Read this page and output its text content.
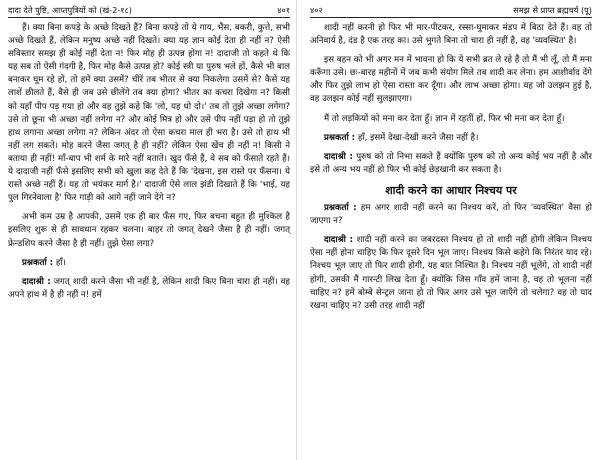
दादा देते पुष्टि, आप्तपुत्रियों को (खं-2-१८)	४०१

हैं। क्या बिना कपड़े के अच्छे दिखते हैं? बिना कपड़े तो ये गाय, भैंस, बकरी, कुत्ते, सभी अच्छे दिखते हैं, लेकिन मनुष्य अच्छे नहीं दिखते। क्या यह ज्ञान कोई देता ही नहीं न? ऐसी सविस्तार समझ ही कोई नहीं देता न! फिर मोह ही उत्पन्न होगा न! दादाजी तो कहते थे कि यह सब तो ऐसी गंदगी है, फिर मोह कैसे उत्पन्न हो? कोई स्त्री या पुरुष भले हों, कैसे भी बाल बनाकर घूम रहे हों, तो हमें क्या उसमें? चीरें तब भीतर से क्या निकलेगा उसमें से? कैसे यह लाशें छीलते हैं, वैसे ही जब उसे छीलेंगे तब क्या होगा? भीतर का कचरा दिखेगा न? किसी को यहाँ पीप पड़ गया हो और वह तुझे कहे कि 'लो, यह धो दो।' तब तो तुझे अच्छा लगेगा? उसे तो छूना भी अच्छा नहीं लगेगा न? और कोई मित्र हो और उसे पीप नहीं पड़ा हो तो तुझे हाथ लगाना अच्छा लगेगा न? लेकिन अंदर तो ऐसा कचरा माल ही भरा है। उसे तो हाथ भी नहीं लग सकते। मोह करने जैसा जगत् है ही नहीं? लेकिन ऐसा खेंच ही नहीं न! किसी ने बताया ही नहीं! माँ-बाप भी शर्म के मारे नहीं बताते। खुद फँसे हैं, वे सब को फँसाते रहते हैं। ये दादाजी नहीं फँसे इसलिए सभी को खुला कह देते हैं कि 'देखना, इस रास्ते पर फँसना। ये रास्ते अच्छे नहीं हैं। यह तो भयंकर मार्ग है।' दादाजी ऐसे लाल झंडी दिखाते हैं कि 'भाई, यह पुल गिरनेवाला है' फिर गाड़ी को आगे नहीं जाने देंगे न?

अभी कम उम्र है आपकी, उसमें एक ही बार फँस गए, फिर बचना बहुत ही मुश्किल है इसलिए शुरू से ही सावधान रहकर चलना। बाहर तो जगत् देखने जैसा है ही नहीं। जगत् फ्रेन्डशिप करने जैसा है ही नहीं। तुझे ऐसा लगा?

प्रश्नकर्ता : हाँ।

दादाश्री : जगत् शादी करने जैसा भी नहीं है, लेकिन शादी किए बिना चारा ही नहीं। वह अपने हाथ में है ही नहीं न! हमें

४०२	समझ से प्राप्त ब्रह्मचर्य (पू)

शादी नहीं करनी हो फिर भी मार-पीटकर, रस्सा-घुमाकर मंडप में बिठा देते हैं। वह तो अनिवार्य है, दंड है एक तरह का। उसे भुगते बिना तो चारा ही नहीं है, वह 'व्यवस्थित' है।

इस बहन को भी अगर मन में भावना हो कि ये सभी ब्रत ले रहे हैं तो मैं भी लूँ, तो मैं मना करूँगा उसे। छः-बारह महीनों में जब कभी संयोग मिले तब शादी कर लेना। हम आशीर्वाद देंगे और फिर तुझे लाभ हो ऐसा रास्ता कर दूँगा। और लाभ अच्छा होगा। यह जो उलझन हुई है, वह उलझन कोई नहीं सुलझाएगा।

मैं तो लड़कियों को मना कर देता हूँ। ज्ञान में रहतीं हों, फिर भी मना कर देता हूँ।

प्रश्नकर्ता : हाँ, इसमें देखा-देखी करने जैसा नहीं है।

दादाश्री : पुरुष को तो निभा सकते हैं क्योंकि पुरुष को तो अन्य कोई भय नहीं है और इसे तो अन्य भय नहीं हो फिर भी कोई छेड़खानी कर सकता है।

शादी करने का आधार निश्चय पर

प्रश्नकर्ता : हम अगर शादी नहीं करने का निश्चय करें, तो फिर 'व्यवस्थित' वैसा हो जाएगा न?

दादाश्री : शादी नहीं करने का जबरदस्त निश्चय हो तो शादी नहीं होगी लेकिन निश्चय ऐसा नहीं होना चाहिए कि फिर दूसरे दिन भूल जाए। निश्चय किसे कहेंगे कि निरंतर याद रहे। निश्चय भूल जाए तो फिर शादी होगी, यह बात निश्चित है। निश्चय नहीं भूलेंगे, तो शादी नहीं होगी, उसकी मैं गारन्टी लिख देता हूँ। क्योंकि जिस गाँव हमें जाना है, वह तो भूलना नहीं चाहिए न? हमें बोम्बे सेन्ट्रल जाना हो तो फिर अगर उसे भूल जाएँगे तो चलेगा? वह तो याद रखना चाहिए न? उसी तरह शादी नहीं
